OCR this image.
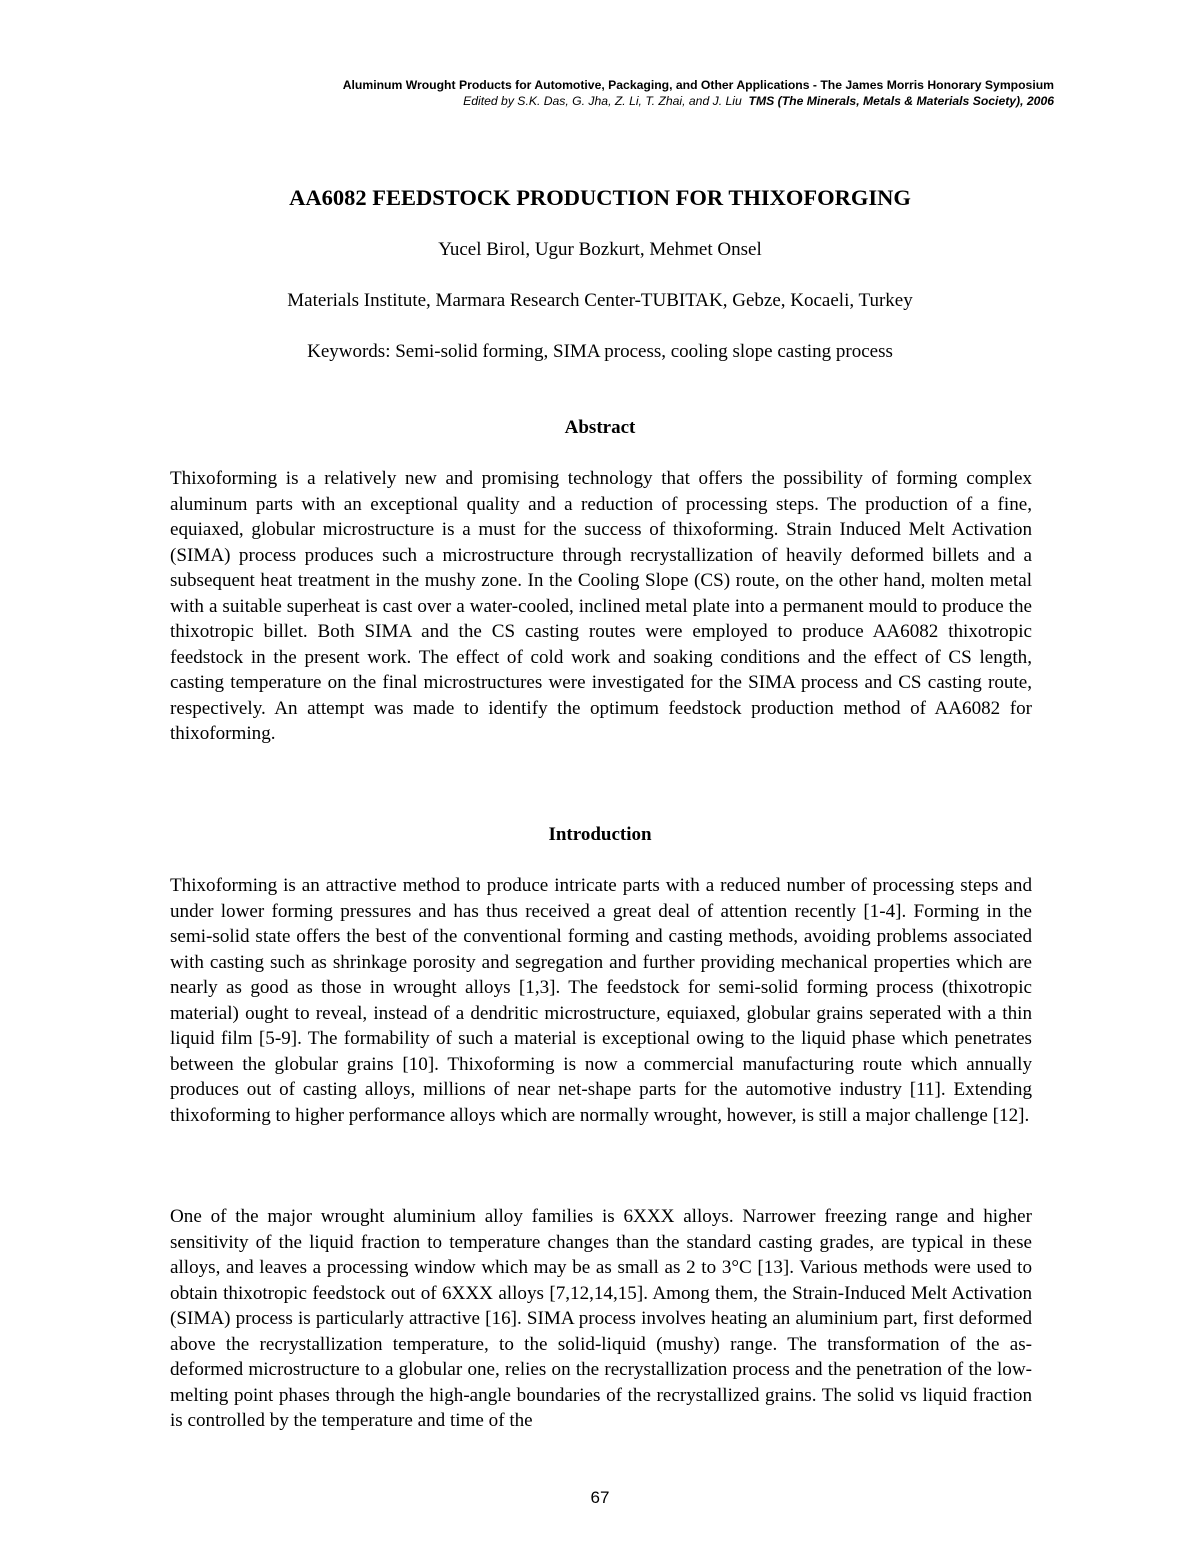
Aluminum Wrought Products for Automotive, Packaging, and Other Applications - The James Morris Honorary Symposium
Edited by S.K. Das, G. Jha, Z. Li, T. Zhai, and J. Liu TMS (The Minerals, Metals & Materials Society), 2006
AA6082 FEEDSTOCK PRODUCTION FOR THIXOFORGING
Yucel Birol, Ugur Bozkurt, Mehmet Onsel
Materials Institute, Marmara Research Center-TUBITAK, Gebze, Kocaeli, Turkey
Keywords: Semi-solid forming, SIMA process, cooling slope casting process
Abstract
Thixoforming is a relatively new and promising technology that offers the possibility of forming complex aluminum parts with an exceptional quality and a reduction of processing steps. The production of a fine, equiaxed, globular microstructure is a must for the success of thixoforming. Strain Induced Melt Activation (SIMA) process produces such a microstructure through recrystallization of heavily deformed billets and a subsequent heat treatment in the mushy zone. In the Cooling Slope (CS) route, on the other hand, molten metal with a suitable superheat is cast over a water-cooled, inclined metal plate into a permanent mould to produce the thixotropic billet. Both SIMA and the CS casting routes were employed to produce AA6082 thixotropic feedstock in the present work. The effect of cold work and soaking conditions and the effect of CS length, casting temperature on the final microstructures were investigated for the SIMA process and CS casting route, respectively. An attempt was made to identify the optimum feedstock production method of AA6082 for thixoforming.
Introduction
Thixoforming is an attractive method to produce intricate parts with a reduced number of processing steps and under lower forming pressures and has thus received a great deal of attention recently [1-4]. Forming in the semi-solid state offers the best of the conventional forming and casting methods, avoiding problems associated with casting such as shrinkage porosity and segregation and further providing mechanical properties which are nearly as good as those in wrought alloys [1,3]. The feedstock for semi-solid forming process (thixotropic material) ought to reveal, instead of a dendritic microstructure, equiaxed, globular grains seperated with a thin liquid film [5-9]. The formability of such a material is exceptional owing to the liquid phase which penetrates between the globular grains [10]. Thixoforming is now a commercial manufacturing route which annually produces out of casting alloys, millions of near net-shape parts for the automotive industry [11]. Extending thixoforming to higher performance alloys which are normally wrought, however, is still a major challenge [12].
One of the major wrought aluminium alloy families is 6XXX alloys. Narrower freezing range and higher sensitivity of the liquid fraction to temperature changes than the standard casting grades, are typical in these alloys, and leaves a processing window which may be as small as 2 to 3°C [13]. Various methods were used to obtain thixotropic feedstock out of 6XXX alloys [7,12,14,15]. Among them, the Strain-Induced Melt Activation (SIMA) process is particularly attractive [16]. SIMA process involves heating an aluminium part, first deformed above the recrystallization temperature, to the solid-liquid (mushy) range. The transformation of the as-deformed microstructure to a globular one, relies on the recrystallization process and the penetration of the low-melting point phases through the high-angle boundaries of the recrystallized grains. The solid vs liquid fraction is controlled by the temperature and time of the
67
